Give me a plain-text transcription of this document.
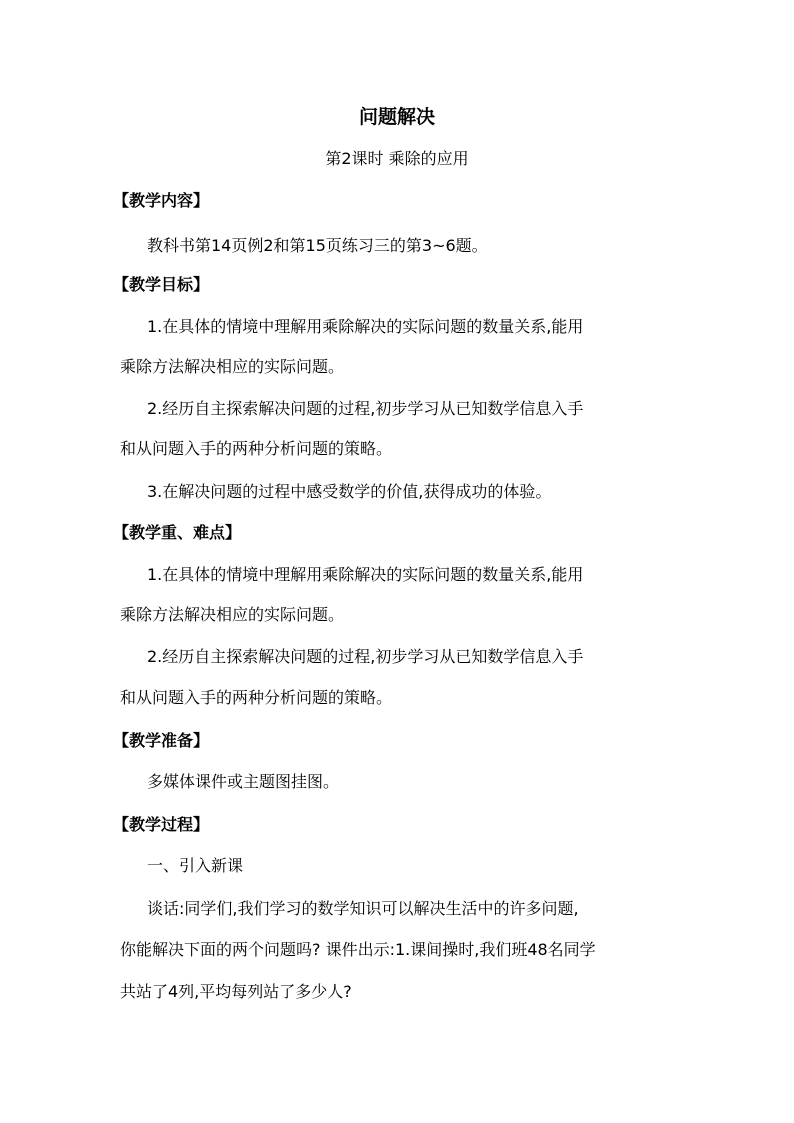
问题解决
第2课时 乘除的应用
【教学内容】
教科书第14页例2和第15页练习三的第3~6题。
【教学目标】
1.在具体的情境中理解用乘除解决的实际问题的数量关系,能用
乘除方法解决相应的实际问题。
2.经历自主探索解决问题的过程,初步学习从已知数学信息入手
和从问题入手的两种分析问题的策略。
3.在解决问题的过程中感受数学的价值,获得成功的体验。
【教学重、难点】
1.在具体的情境中理解用乘除解决的实际问题的数量关系,能用
乘除方法解决相应的实际问题。
2.经历自主探索解决问题的过程,初步学习从已知数学信息入手
和从问题入手的两种分析问题的策略。
【教学准备】
多媒体课件或主题图挂图。
【教学过程】
一、引入新课
谈话:同学们,我们学习的数学知识可以解决生活中的许多问题,
你能解决下面的两个问题吗? 课件出示:1.课间操时,我们班48名同学
共站了4列,平均每列站了多少人?
